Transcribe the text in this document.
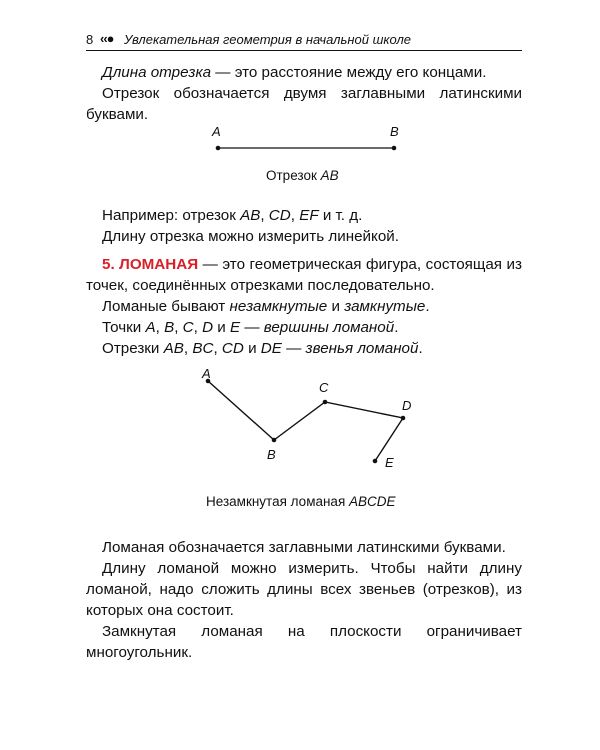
8 ‹‹● Увлекательная геометрия в начальной школе

Длина отрезка — это расстояние между его концами.

Отрезок обозначается двумя заглавными латинскими буквами.

A	B
Отрезок AB

Например: отрезок AB, CD, EF и т. д.

Длину отрезка можно измерить линейкой.

5. ЛОМАНАЯ — это геометрическая фигура, состоящая из точек, соединённых отрезками последовательно.

Ломаные бывают незамкнутые и замкнутые.

Точки A, B, C, D и E — вершины ломаной.

Отрезки AB, BC, CD и DE — звенья ломаной.

A
B
C
D
E
Незамкнутая ломаная ABCDE

Ломаная обозначается заглавными латинскими буквами.

Длину ломаной можно измерить. Чтобы найти длину ломаной, надо сложить длины всех звеньев (отрезков), из которых она состоит.

Замкнутая ломаная на плоскости ограничивает многоугольник.
